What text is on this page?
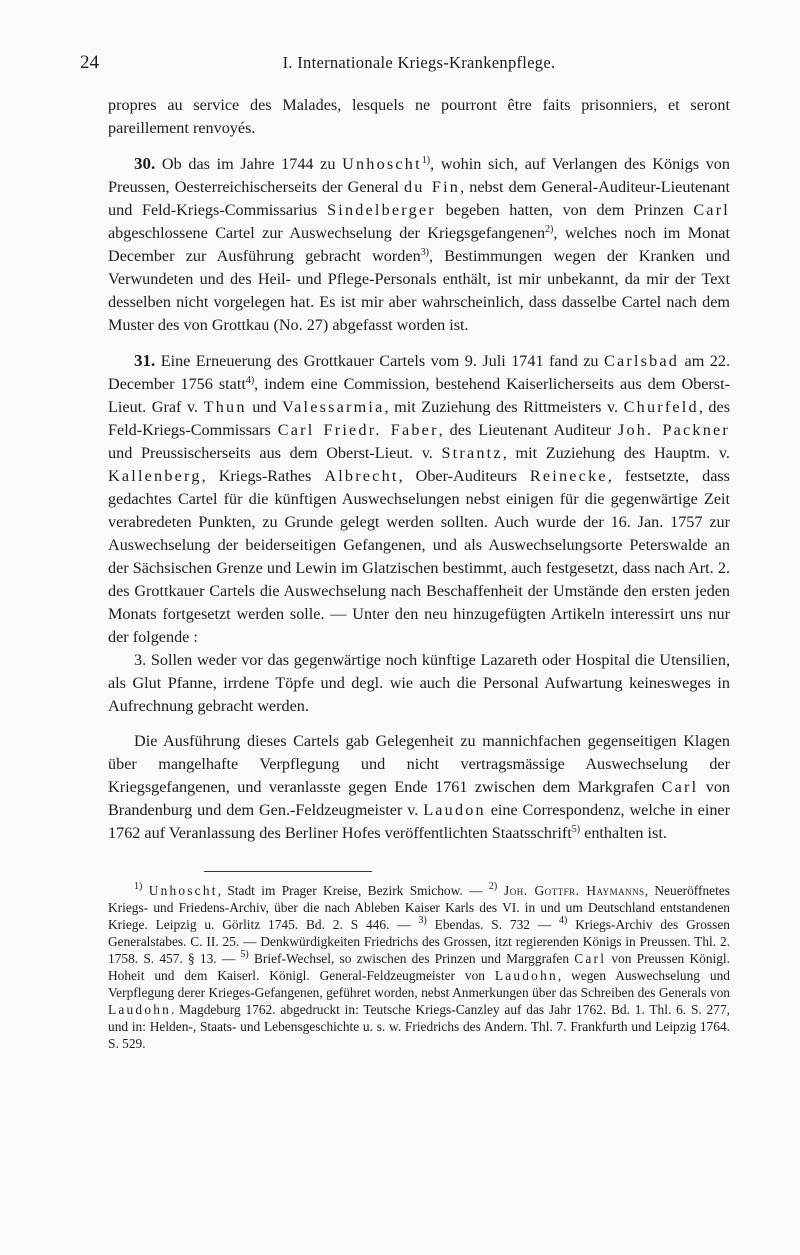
24	I. Internationale Kriegs-Krankenpflege.

propres au service des Malades, lesquels ne pourront être faits prisonniers, et seront pareillement renvoyés.

30. Ob das im Jahre 1744 zu Unhoscht$^{1)}$, wohin sich, auf Verlangen des Königs von Preussen, Oesterreichischerseits der General du Fin, nebst dem General-Auditeur-Lieutenant und Feld-Kriegs-Commissarius Sindelberger begeben hatten, von dem Prinzen Carl abgeschlossene Cartel zur Auswechselung der Kriegsgefangenen$^{2)}$, welches noch im Monat December zur Ausführung gebracht worden$^{3)}$, Bestimmungen wegen der Kranken und Verwundeten und des Heil- und Pflege-Personals enthält, ist mir unbekannt, da mir der Text desselben nicht vorgelegen hat. Es ist mir aber wahrscheinlich, dass dasselbe Cartel nach dem Muster des von Grottkau (No. 27) abgefasst worden ist.

31. Eine Erneuerung des Grottkauer Cartels vom 9. Juli 1741 fand zu Carlsbad am 22. December 1756 statt$^{4)}$, indem eine Commission, bestehend Kaiserlicherseits aus dem Oberst-Lieut. Graf v. Thun und Valessarmia, mit Zuziehung des Rittmeisters v. Churfeld, des Feld-Kriegs-Commissars Carl Friedr. Faber, des Lieutenant Auditeur Joh. Packner und Preussischerseits aus dem Oberst-Lieut. v. Strantz, mit Zuziehung des Hauptm. v. Kallenberg, Kriegs-Rathes Albrecht, Ober-Auditeurs Reinecke, festsetzte, dass gedachtes Cartel für die künftigen Auswechselungen nebst einigen für die gegenwärtige Zeit verabredeten Punkten, zu Grunde gelegt werden sollten. Auch wurde der 16. Jan. 1757 zur Auswechselung der beiderseitigen Gefangenen, und als Auswechselungsorte Peterswalde an der Sächsischen Grenze und Lewin im Glatzischen bestimmt, auch festgesetzt, dass nach Art. 2. des Grottkauer Cartels die Auswechselung nach Beschaffenheit der Umstände den ersten jeden Monats fortgesetzt werden solle. — Unter den neu hinzugefügten Artikeln interessirt uns nur der folgende :

3. Sollen weder vor das gegenwärtige noch künftige Lazareth oder Hospital die Utensilien, als Glut Pfanne, irrdene Töpfe und degl. wie auch die Personal Aufwartung keinesweges in Aufrechnung gebracht werden.

Die Ausführung dieses Cartels gab Gelegenheit zu mannichfachen gegenseitigen Klagen über mangelhafte Verpflegung und nicht vertragsmässige Auswechselung der Kriegsgefangenen, und veranlasste gegen Ende 1761 zwischen dem Markgrafen Carl von Brandenburg und dem Gen.-Feldzeugmeister v. Laudon eine Correspondenz, welche in einer 1762 auf Veranlassung des Berliner Hofes veröffentlichten Staatsschrift$^{5)}$ enthalten ist.

$^{1)}$ Unhoscht, Stadt im Prager Kreise, Bezirk Smichow. — $^{2)}$ Joh. Gottfr. Haymanns, Neueröffnetes Kriegs- und Friedens-Archiv, über die nach Ableben Kaiser Karls des VI. in und um Deutschland entstandenen Kriege. Leipzig u. Görlitz 1745. Bd. 2. S 446. — $^{3)}$ Ebendas. S. 732 — $^{4)}$ Kriegs-Archiv des Grossen Generalstabes. C. II. 25. — Denkwürdigkeiten Friedrichs des Grossen, itzt regierenden Königs in Preussen. Thl. 2. 1758. S. 457. § 13. — $^{5)}$ Brief-Wechsel, so zwischen des Prinzen und Marggrafen Carl von Preussen Königl. Hoheit und dem Kaiserl. Königl. General-Feldzeugmeister von Laudohn, wegen Auswechselung und Verpflegung derer Krieges-Gefangenen, geführet worden, nebst Anmerkungen über das Schreiben des Generals von Laudohn. Magdeburg 1762. abgedruckt in: Teutsche Kriegs-Canzley auf das Jahr 1762. Bd. 1. Thl. 6. S. 277, und in: Helden-, Staats- und Lebensgeschichte u. s. w. Friedrichs des Andern. Thl. 7. Frankfurth und Leipzig 1764. S. 529.
